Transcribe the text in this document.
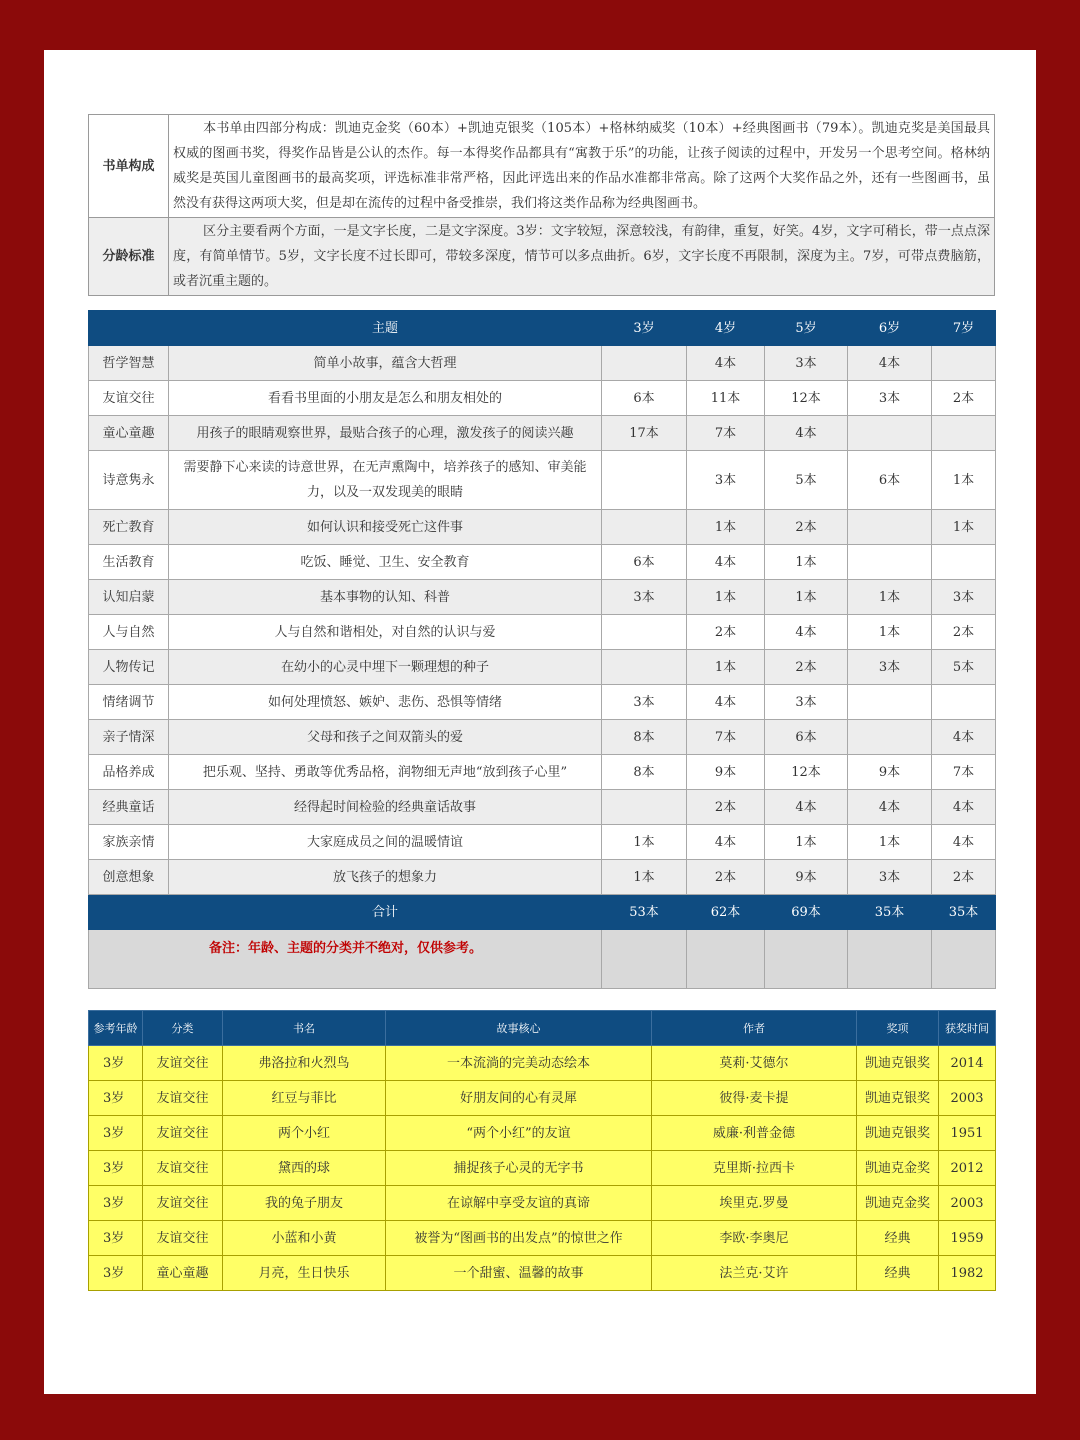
书单构成	本书单由四部分构成：凯迪克金奖（60本）+凯迪克银奖（105本）+格林纳威奖（10本）+经典图画书（79本）。凯迪克奖是美国最具权威的图画书奖，得奖作品皆是公认的杰作。每一本得奖作品都具有“寓教于乐”的功能，让孩子阅读的过程中，开发另一个思考空间。格林纳威奖是英国儿童图画书的最高奖项，评选标准非常严格，因此评选出来的作品水准都非常高。除了这两个大奖作品之外，还有一些图画书，虽然没有获得这两项大奖，但是却在流传的过程中备受推崇，我们将这类作品称为经典图画书。
分龄标准	区分主要看两个方面，一是文字长度，二是文字深度。3岁：文字较短，深意较浅，有韵律，重复，好笑。4岁，文字可稍长，带一点点深度，有简单情节。5岁，文字长度不过长即可，带较多深度，情节可以多点曲折。6岁，文字长度不再限制，深度为主。7岁，可带点费脑筋，或者沉重主题的。
	主题	3岁	4岁	5岁	6岁	7岁
哲学智慧	简单小故事，蕴含大哲理		4本	3本	4本	
友谊交往	看看书里面的小朋友是怎么和朋友相处的	6本	11本	12本	3本	2本
童心童趣	用孩子的眼睛观察世界，最贴合孩子的心理，激发孩子的阅读兴趣	17本	7本	4本		
诗意隽永	需要静下心来读的诗意世界，在无声熏陶中，培养孩子的感知、审美能力，以及一双发现美的眼睛		3本	5本	6本	1本
死亡教育	如何认识和接受死亡这件事		1本	2本		1本
生活教育	吃饭、睡觉、卫生、安全教育	6本	4本	1本		
认知启蒙	基本事物的认知、科普	3本	1本	1本	1本	3本
人与自然	人与自然和谐相处，对自然的认识与爱		2本	4本	1本	2本
人物传记	在幼小的心灵中埋下一颗理想的种子		1本	2本	3本	5本
情绪调节	如何处理愤怒、嫉妒、悲伤、恐惧等情绪	3本	4本	3本		
亲子情深	父母和孩子之间双箭头的爱	8本	7本	6本		4本
品格养成	把乐观、坚持、勇敢等优秀品格，润物细无声地“放到孩子心里”	8本	9本	12本	9本	7本
经典童话	经得起时间检验的经典童话故事		2本	4本	4本	4本
家族亲情	大家庭成员之间的温暖情谊	1本	4本	1本	1本	4本
创意想象	放飞孩子的想象力	1本	2本	9本	3本	2本
	合计	53本	62本	69本	35本	35本
备注：年龄、主题的分类并不绝对，仅供参考。						
参考年龄	分类	书名	故事核心	作者	奖项	获奖时间
3岁	友谊交往	弗洛拉和火烈鸟	一本流淌的完美动态绘本	莫莉·艾德尔	凯迪克银奖	2014
3岁	友谊交往	红豆与菲比	好朋友间的心有灵犀	彼得·麦卡提	凯迪克银奖	2003
3岁	友谊交往	两个小红	“两个小红”的友谊	威廉·利普金德	凯迪克银奖	1951
3岁	友谊交往	黛西的球	捕捉孩子心灵的无字书	克里斯·拉西卡	凯迪克金奖	2012
3岁	友谊交往	我的兔子朋友	在谅解中享受友谊的真谛	埃里克.罗曼	凯迪克金奖	2003
3岁	友谊交往	小蓝和小黄	被誉为“图画书的出发点”的惊世之作	李欧·李奥尼	经典	1959
3岁	童心童趣	月亮，生日快乐	一个甜蜜、温馨的故事	法兰克·艾许	经典	1982
